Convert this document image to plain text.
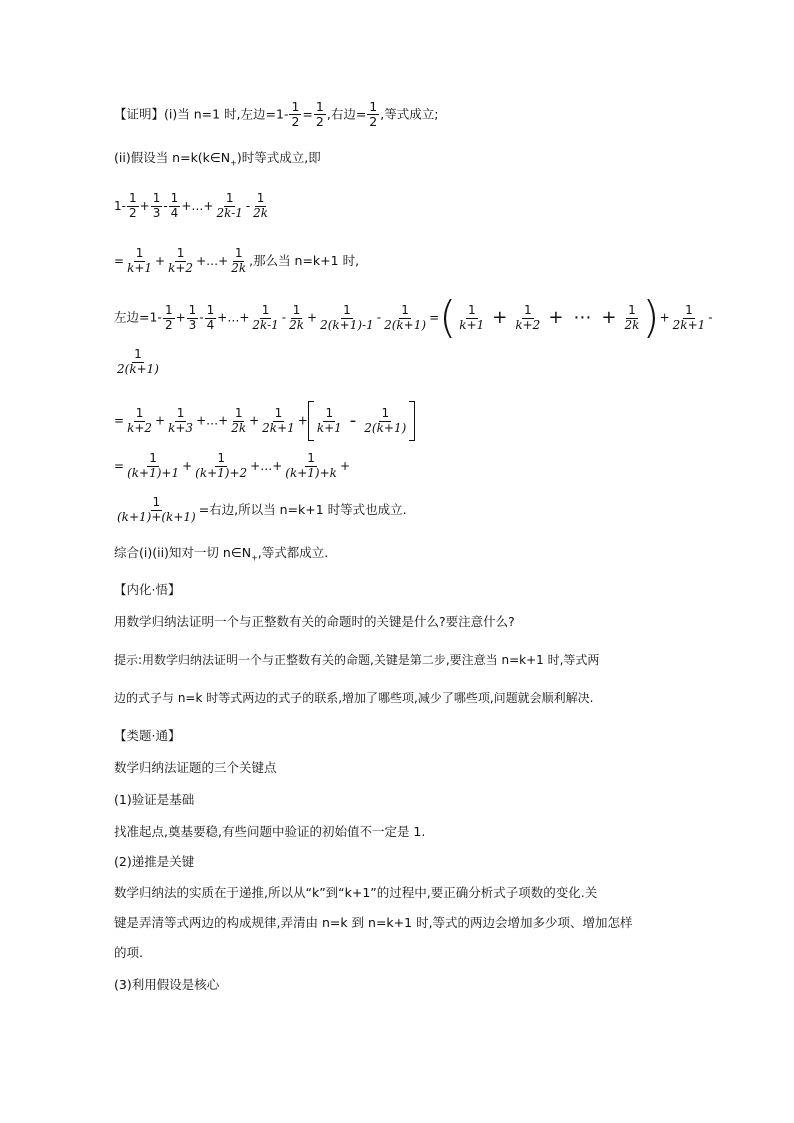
【证明】(i)当 n=1 时,左边$=1- \frac{1}{2} = \frac{1}{2}$ ,右边= $\frac{1}{2}$ ,等式成立;
(ii)假设当 $n=k(k\in N_+)$时等式成立,即
$1- \frac{1}{2} + \frac{1}{3} - \frac{1}{4}$ +…+ $\frac{1}{2k-1} - \frac{1}{2k}$
= $\frac{1}{k+1} + \frac{1}{k+2}$ +…+ $\frac{1}{2k}$ ,那么当 n=k+1 时,
左边$=1- \frac{1}{2} + \frac{1}{3} - \frac{1}{4}$ +…+ $\frac{1}{2k-1} - \frac{1}{2k} + \frac{1}{2(k+1)-1} - \frac{1}{2(k+1)}$ =( $\frac{1}{k+1} + \frac{1}{k+2}$ + ⋯ + $\frac{1}{2k}$ )+ $\frac{1}{2k+1}$ -
$\frac{1}{2(k+1)}$
= $\frac{1}{k+2} + \frac{1}{k+3}$ +…+ $\frac{1}{2k} + \frac{1}{2k+1} + \frac{1}{k+1} - \frac{1}{2(k+1)}$
= $\frac{1}{(k+1)+1} + \frac{1}{(k+1)+2}$ +…+ $\frac{1}{(k+1)+k}$ +
$\frac{1}{(k+1)+(k+1)}$ =右边,所以当 n=k+1 时等式也成立.
综合(i)(ii)知对一切 $n\in N_+$,等式都成立.
【内化·悟】
用数学归纳法证明一个与正整数有关的命题时的关键是什么?要注意什么?
提示:用数学归纳法证明一个与正整数有关的命题,关键是第二步,要注意当 n=k+1 时,等式两
边的式子与 n=k 时等式两边的式子的联系,增加了哪些项,减少了哪些项,问题就会顺利解决.
【类题·通】
数学归纳法证题的三个关键点
(1)验证是基础
找准起点,奠基要稳,有些问题中验证的初始值不一定是 1.
(2)递推是关键
数学归纳法的实质在于递推,所以从“k”到“k+1”的过程中,要正确分析式子项数的变化.关
键是弄清等式两边的构成规律,弄清由 n=k 到 n=k+1 时,等式的两边会增加多少项、增加怎样
的项.
(3)利用假设是核心
